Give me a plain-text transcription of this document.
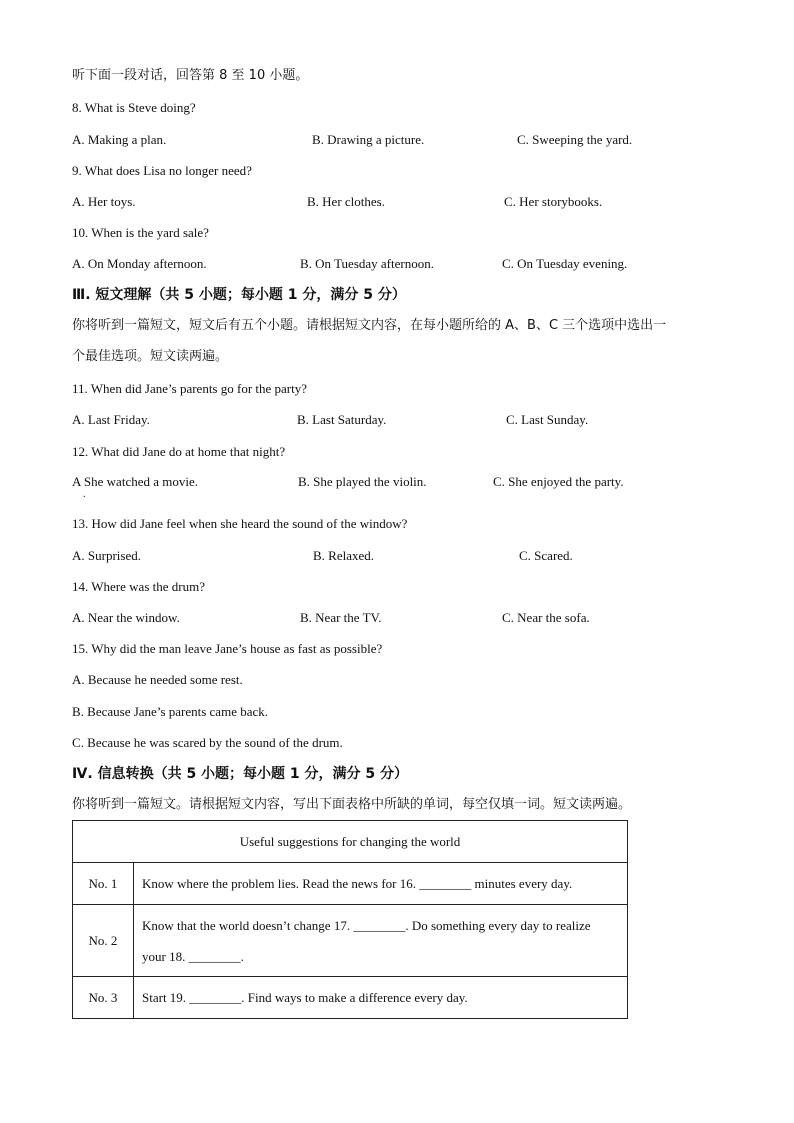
听下面一段对话，回答第 8 至 10 小题。
8. What is Steve doing?
A. Making a plan.	B. Drawing a picture.	C. Sweeping the yard.
9. What does Lisa no longer need?
A. Her toys.	B. Her clothes.	C. Her storybooks.
10. When is the yard sale?
A. On Monday afternoon.	B. On Tuesday afternoon.	C. On Tuesday evening.
Ⅲ. 短文理解（共 5 小题；每小题 1 分，满分 5 分）
你将听到一篇短文，短文后有五个小题。请根据短文内容，在每小题所给的 A、B、C 三个选项中选出一
个最佳选项。短文读两遍。
11. When did Jane’s parents go for the party?
A. Last Friday.	B. Last Saturday.	C. Last Sunday.
12. What did Jane do at home that night?
A She watched a movie.
.
B. She played the violin.	C. She enjoyed the party.
13. How did Jane feel when she heard the sound of the window?
A. Surprised.	B. Relaxed.	C. Scared.
14. Where was the drum?
A. Near the window.	B. Near the TV.	C. Near the sofa.
15. Why did the man leave Jane’s house as fast as possible?
A. Because he needed some rest.
B. Because Jane’s parents came back.
C. Because he was scared by the sound of the drum.
Ⅳ. 信息转换（共 5 小题；每小题 1 分，满分 5 分）
你将听到一篇短文。请根据短文内容，写出下面表格中所缺的单词，每空仅填一词。短文读两遍。
Useful suggestions for changing the world	
No. 1	Know where the problem lies. Read the news for 16. ________ minutes every day.
No. 2	Know that the world doesn’t change 17. ________. Do something every day to realize
your 18. ________.

No. 3	Start 19. ________. Find ways to make a difference every day.
